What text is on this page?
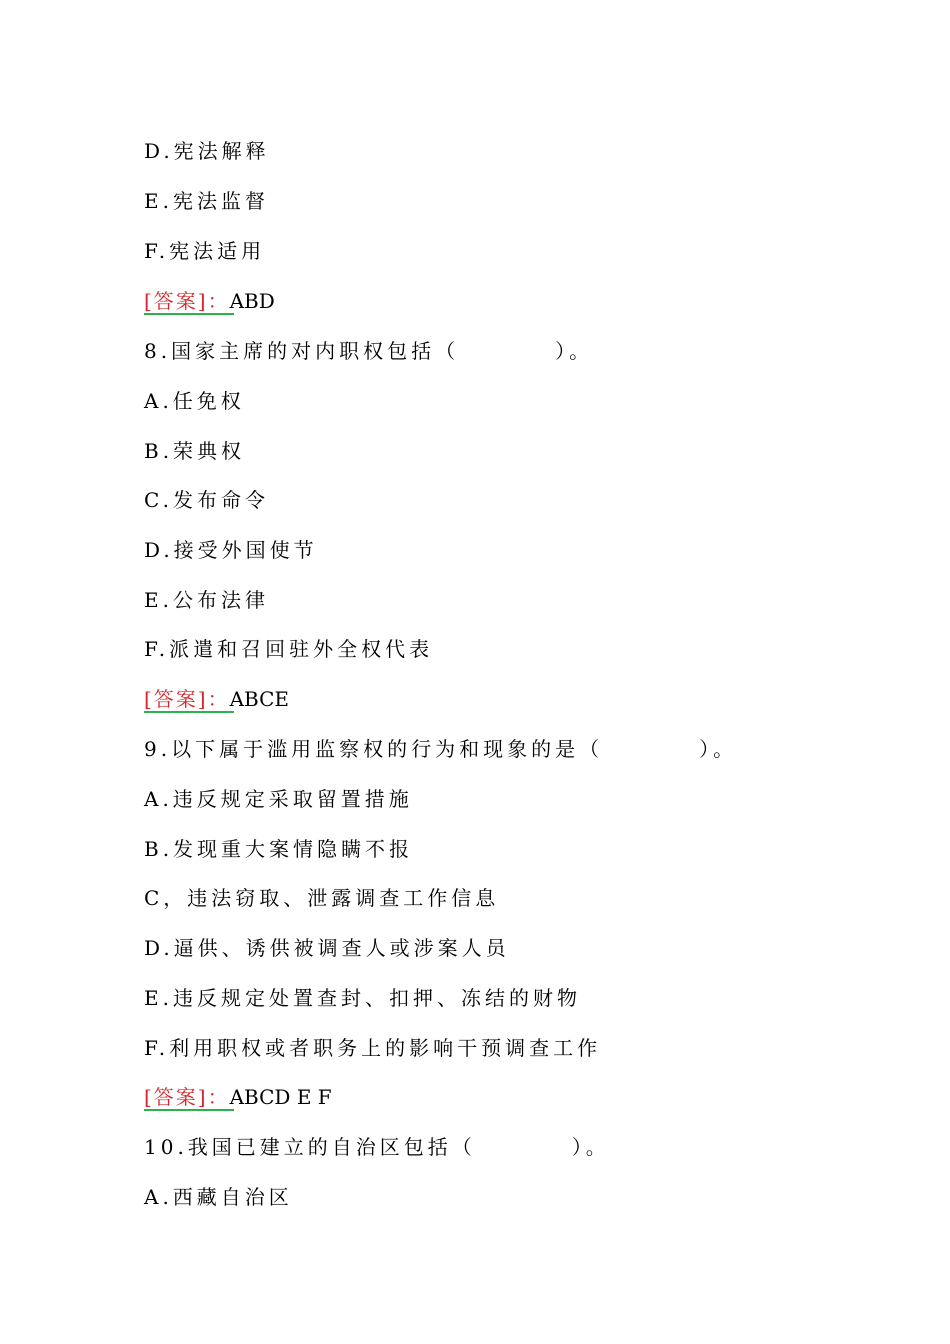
D.宪法解释
E.宪法监督
F.宪法适用
[答案]：ABD
8.国家主席的对内职权包括（　　　　）。
A.任免权
B.荣典权
C.发布命令
D.接受外国使节
E.公布法律
F.派遣和召回驻外全权代表
[答案]：ABCE
9.以下属于滥用监察权的行为和现象的是（　　　　）。
A.违反规定采取留置措施
B.发现重大案情隐瞒不报
C，违法窃取、泄露调查工作信息
D.逼供、诱供被调查人或涉案人员
E.违反规定处置查封、扣押、冻结的财物
F.利用职权或者职务上的影响干预调查工作
[答案]：ABCD E F
10.我国已建立的自治区包括（　　　　）。
A.西藏自治区
